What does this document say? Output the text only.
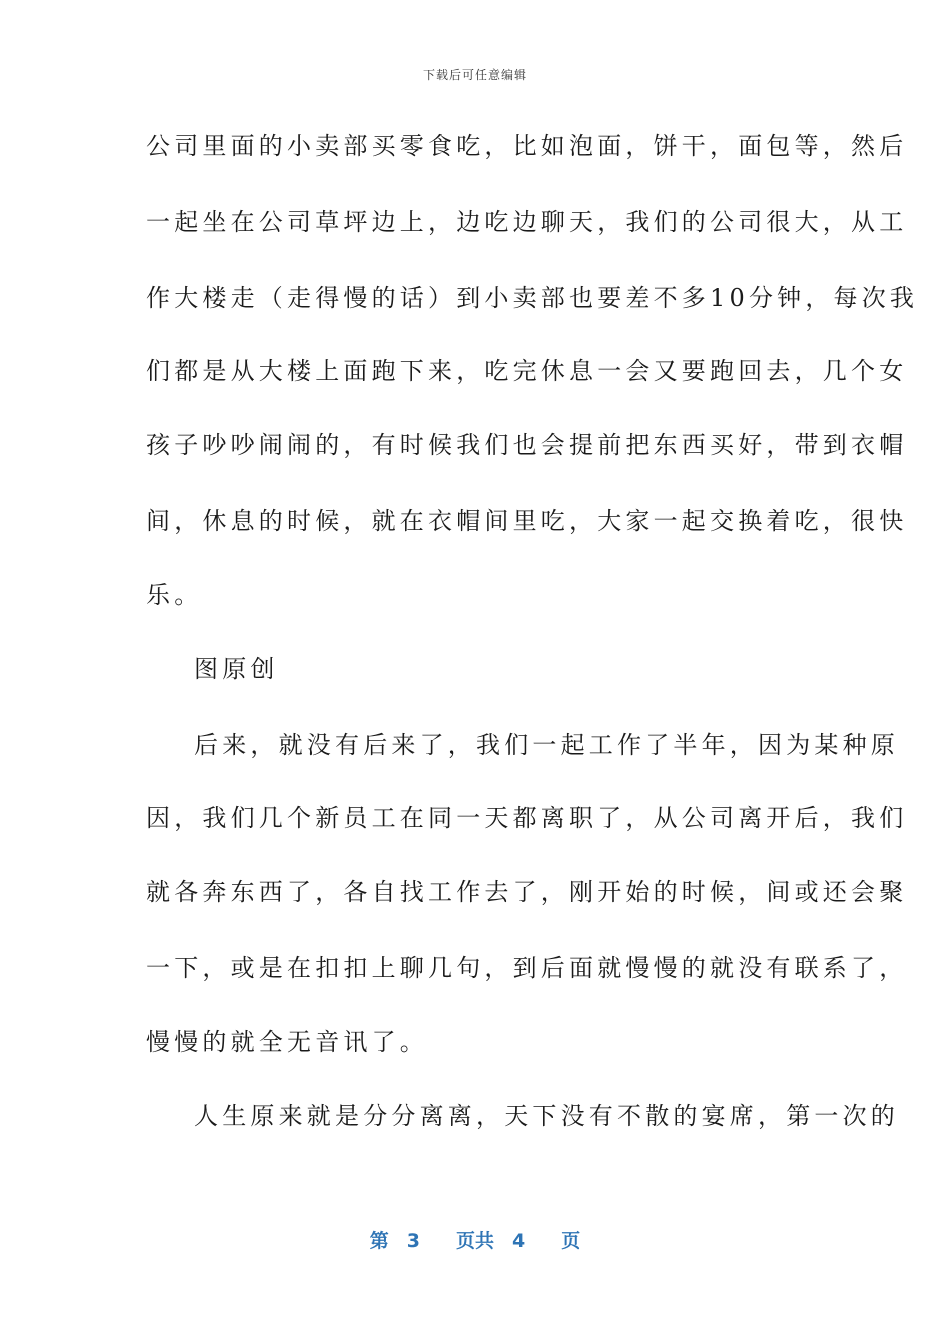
下载后可任意编辑
公司里面的小卖部买零食吃，比如泡面，饼干，面包等，然后
一起坐在公司草坪边上，边吃边聊天，我们的公司很大，从工
作大楼走（走得慢的话）到小卖部也要差不多10分钟，每次我
们都是从大楼上面跑下来，吃完休息一会又要跑回去，几个女
孩子吵吵闹闹的，有时候我们也会提前把东西买好，带到衣帽
间，休息的时候，就在衣帽间里吃，大家一起交换着吃，很快
乐。
图原创
后来，就没有后来了，我们一起工作了半年，因为某种原
因，我们几个新员工在同一天都离职了，从公司离开后，我们
就各奔东西了，各自找工作去了，刚开始的时候，间或还会聚
一下，或是在扣扣上聊几句，到后面就慢慢的就没有联系了，
慢慢的就全无音讯了。
人生原来就是分分离离，天下没有不散的宴席，第一次的
第 3 页共 4 页
